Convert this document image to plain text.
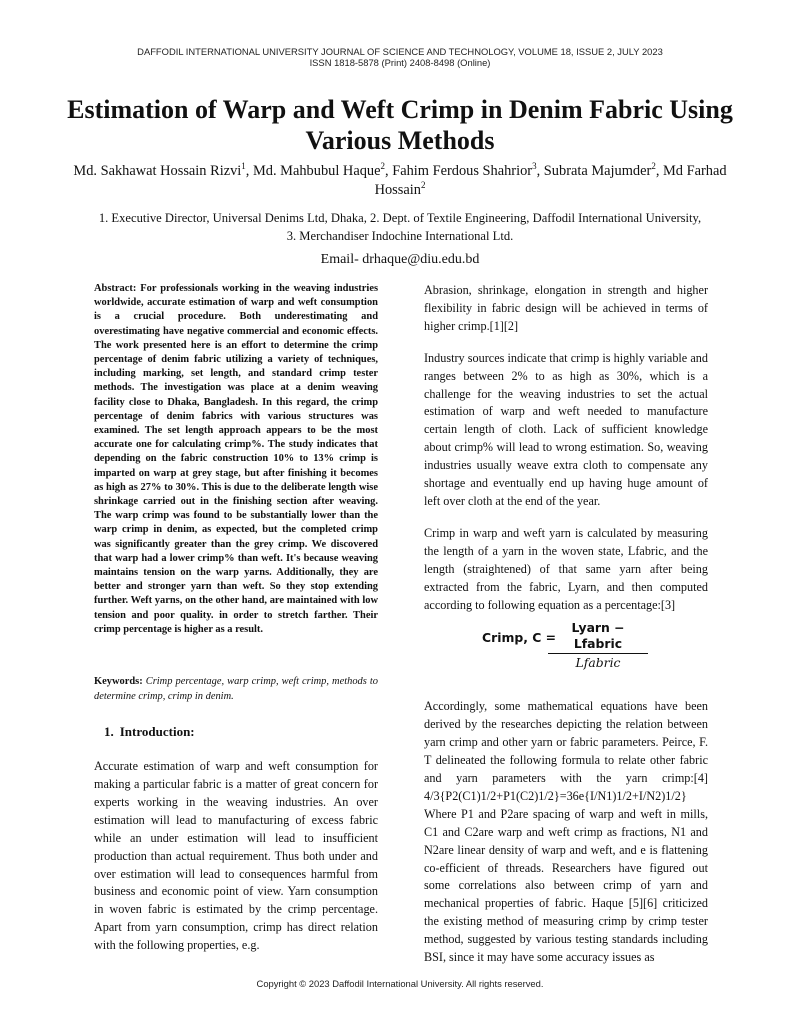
DAFFODIL INTERNATIONAL UNIVERSITY JOURNAL OF SCIENCE AND TECHNOLOGY, VOLUME 18, ISSUE 2, JULY 2023
ISSN 1818-5878 (Print) 2408-8498 (Online)
Estimation of Warp and Weft Crimp in Denim Fabric Using Various Methods
Md. Sakhawat Hossain Rizvi$^1$, Md. Mahbubul Haque$^2$, Fahim Ferdous Shahrior$^3$, Subrata Majumder$^2$, Md Farhad Hossain$^2$
1. Executive Director, Universal Denims Ltd, Dhaka, 2. Dept. of Textile Engineering, Daffodil International University, 3. Merchandiser Indochine International Ltd.
Email- drhaque@diu.edu.bd

Abstract: For professionals working in the weaving industries worldwide, accurate estimation of warp and weft consumption is a crucial procedure. Both underestimating and overestimating have negative commercial and economic effects. The work presented here is an effort to determine the crimp percentage of denim fabric utilizing a variety of techniques, including marking, set length, and standard crimp tester methods. The investigation was place at a denim weaving facility close to Dhaka, Bangladesh. In this regard, the crimp percentage of denim fabrics with various structures was examined. The set length approach appears to be the most accurate one for calculating crimp%. The study indicates that depending on the fabric construction 10% to 13% crimp is imparted on warp at grey stage, but after finishing it becomes as high as 27% to 30%. This is due to the deliberate length wise shrinkage carried out in the finishing section after weaving. The warp crimp was found to be substantially lower than the warp crimp in denim, as expected, but the completed crimp was significantly greater than the grey crimp. We discovered that warp had a lower crimp% than weft. It's because weaving maintains tension on the warp yarns. Additionally, they are better and stronger yarn than weft. So they stop extending further. Weft yarns, on the other hand, are maintained with low tension and poor quality. in order to stretch farther. Their crimp percentage is higher as a result.

Keywords: Crimp percentage, warp crimp, weft crimp, methods to determine crimp, crimp in denim.

1. Introduction:

Accurate estimation of warp and weft consumption for making a particular fabric is a matter of great concern for experts working in the weaving industries. An over estimation will lead to manufacturing of excess fabric while an under estimation will lead to insufficient production than actual requirement. Thus both under and over estimation will lead to consequences harmful from business and economic point of view. Yarn consumption in woven fabric is estimated by the crimp percentage. Apart from yarn consumption, crimp has direct relation with the following properties, e.g.

Abrasion, shrinkage, elongation in strength and higher flexibility in fabric design will be achieved in terms of higher crimp.[1][2]

Industry sources indicate that crimp is highly variable and ranges between 2% to as high as 30%, which is a challenge for the weaving industries to set the actual estimation of warp and weft needed to manufacture certain length of cloth. Lack of sufficient knowledge about crimp% will lead to wrong estimation. So, weaving industries usually weave extra cloth to compensate any shortage and eventually end up having huge amount of left over cloth at the end of the year.

Crimp in warp and weft yarn is calculated by measuring the length of a yarn in the woven state, Lfabric, and the length (straightened) of that same yarn after being extracted from the fabric, Lyarn, and then computed according to following equation as a percentage:[3]

Crimp, C =
Lyarn − Lfabric
Lfabric

Accordingly, some mathematical equations have been derived by the researches depicting the relation between yarn crimp and other yarn or fabric parameters. Peirce, F. T delineated the following formula to relate other fabric and yarn parameters with the yarn crimp:[4] 4/3{P2(C1)1/2+P1(C2)1/2}=36e{I/N1)1/2+I/N2)1/2} Where P1 and P2are spacing of warp and weft in mills, C1 and C2are warp and weft crimp as fractions, N1 and N2are linear density of warp and weft, and e is flattening co-efficient of threads. Researchers have figured out some correlations also between crimp of yarn and mechanical properties of fabric. Haque [5][6] criticized the existing method of measuring crimp by crimp tester method, suggested by various testing standards including BSI, since it may have some accuracy issues as

Copyright © 2023 Daffodil International University. All rights reserved.
